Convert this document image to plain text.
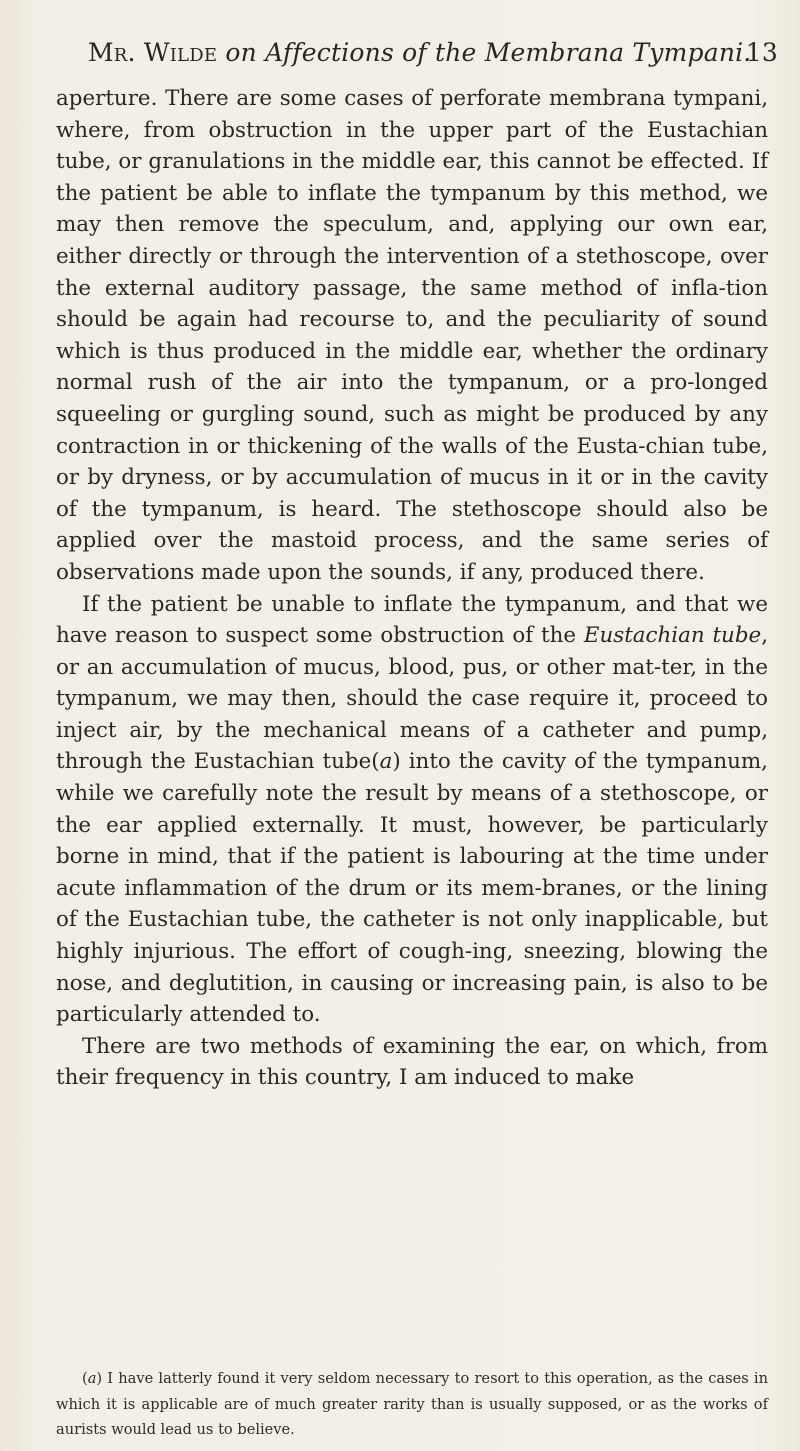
Mr. Wilde on Affections of the Membrana Tympani.
13

aperture. There are some cases of perforate membrana tympani, where, from obstruction in the upper part of the Eustachian tube, or granulations in the middle ear, this cannot be effected. If the patient be able to inflate the tympanum by this method, we may then remove the speculum, and, applying our own ear, either directly or through the intervention of a stethoscope, over the external auditory passage, the same method of infla-tion should be again had recourse to, and the peculiarity of sound which is thus produced in the middle ear, whether the ordinary normal rush of the air into the tympanum, or a pro-longed squeeling or gurgling sound, such as might be produced by any contraction in or thickening of the walls of the Eusta-chian tube, or by dryness, or by accumulation of mucus in it or in the cavity of the tympanum, is heard. The stethoscope should also be applied over the mastoid process, and the same series of observations made upon the sounds, if any, produced there.

If the patient be unable to inflate the tympanum, and that we have reason to suspect some obstruction of the Eustachian tube, or an accumulation of mucus, blood, pus, or other mat-ter, in the tympanum, we may then, should the case require it, proceed to inject air, by the mechanical means of a catheter and pump, through the Eustachian tube(a) into the cavity of the tympanum, while we carefully note the result by means of a stethoscope, or the ear applied externally. It must, however, be particularly borne in mind, that if the patient is labouring at the time under acute inflammation of the drum or its mem-branes, or the lining of the Eustachian tube, the catheter is not only inapplicable, but highly injurious. The effort of cough-ing, sneezing, blowing the nose, and deglutition, in causing or increasing pain, is also to be particularly attended to.

There are two methods of examining the ear, on which, from their frequency in this country, I am induced to make

(a) I have latterly found it very seldom necessary to resort to this operation, as the cases in which it is applicable are of much greater rarity than is usually supposed, or as the works of aurists would lead us to believe.
